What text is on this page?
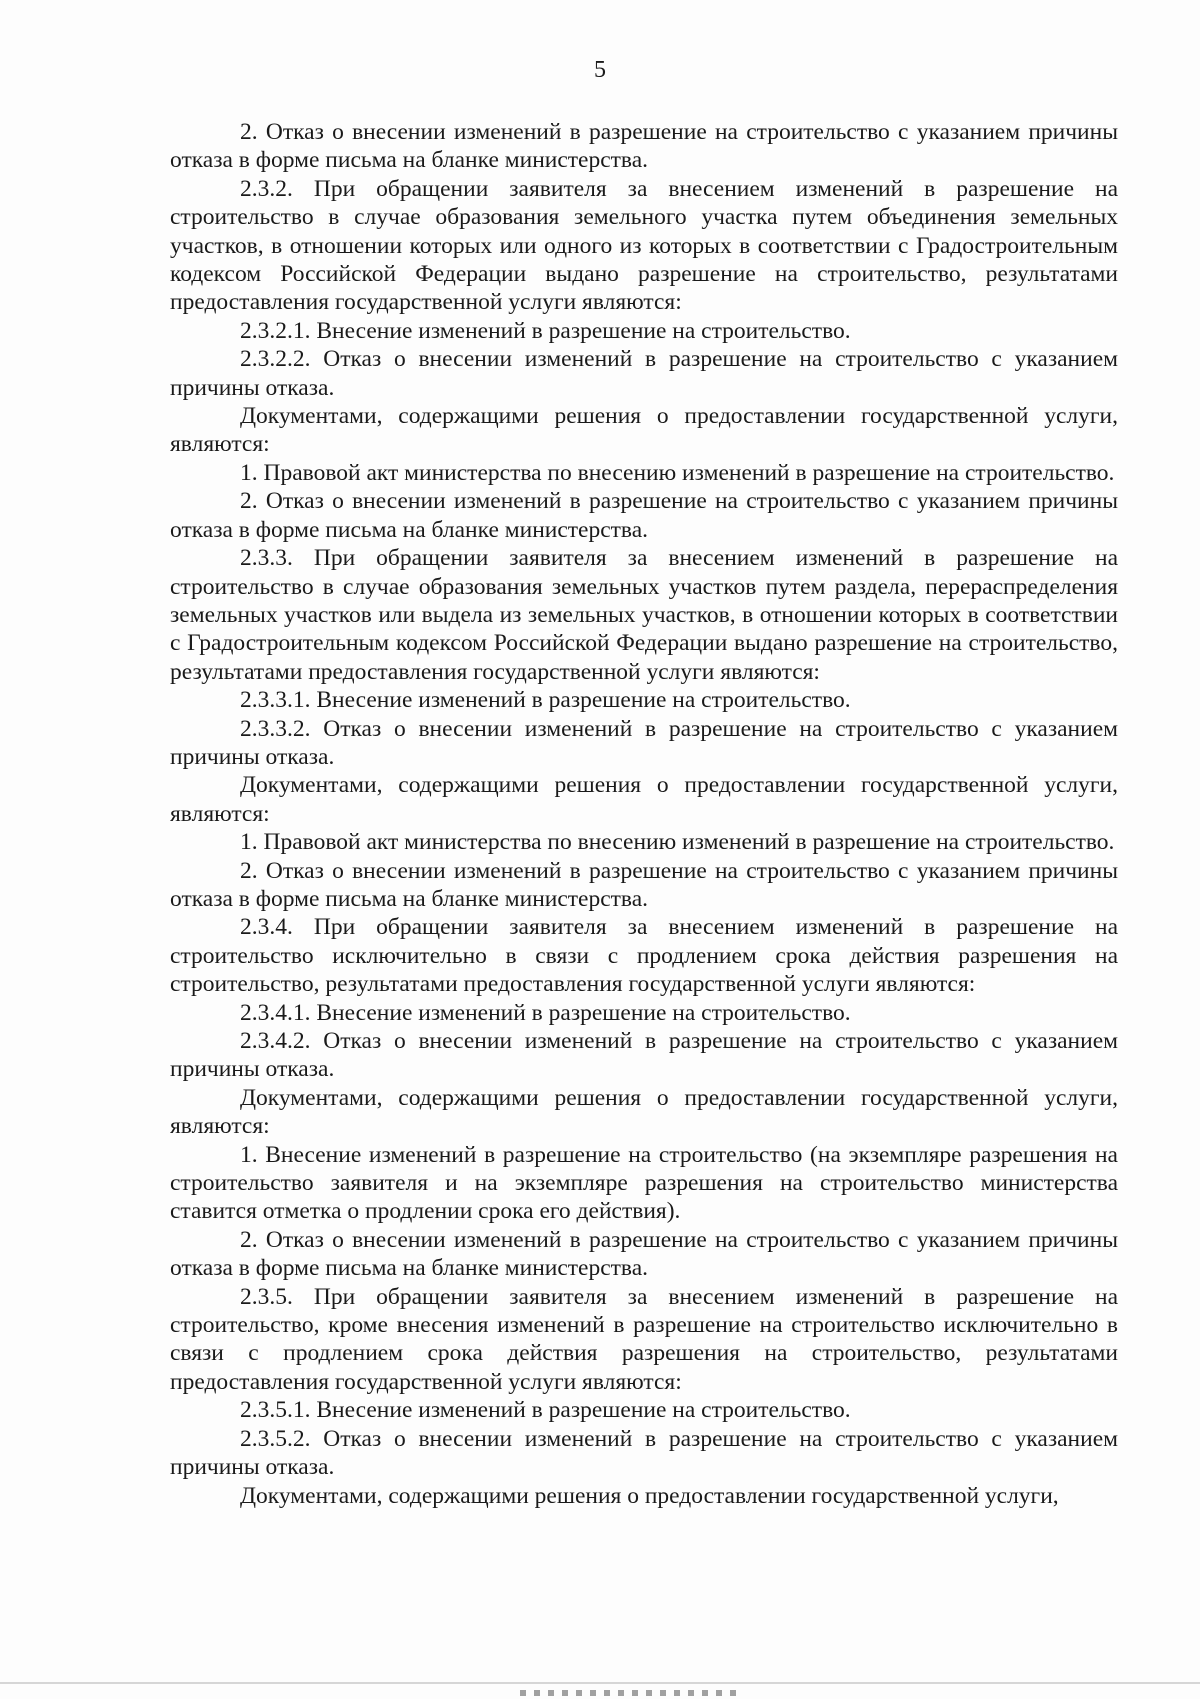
5

2. Отказ о внесении изменений в разрешение на строительство с указанием причины отказа в форме письма на бланке министерства.

2.3.2. При обращении заявителя за внесением изменений в разрешение на строительство в случае образования земельного участка путем объединения земельных участков, в отношении которых или одного из которых в соответствии с Градостроительным кодексом Российской Федерации выдано разрешение на строительство, результатами предоставления государственной услуги являются:

2.3.2.1. Внесение изменений в разрешение на строительство.

2.3.2.2. Отказ о внесении изменений в разрешение на строительство с указанием причины отказа.

Документами, содержащими решения о предоставлении государственной услуги, являются:

1. Правовой акт министерства по внесению изменений в разрешение на строительство.

2. Отказ о внесении изменений в разрешение на строительство с указанием причины отказа в форме письма на бланке министерства.

2.3.3. При обращении заявителя за внесением изменений в разрешение на строительство в случае образования земельных участков путем раздела, перераспределения земельных участков или выдела из земельных участков, в отношении которых в соответствии с Градостроительным кодексом Российской Федерации выдано разрешение на строительство, результатами предоставления государственной услуги являются:

2.3.3.1. Внесение изменений в разрешение на строительство.

2.3.3.2. Отказ о внесении изменений в разрешение на строительство с указанием причины отказа.

Документами, содержащими решения о предоставлении государственной услуги, являются:

1. Правовой акт министерства по внесению изменений в разрешение на строительство.

2. Отказ о внесении изменений в разрешение на строительство с указанием причины отказа в форме письма на бланке министерства.

2.3.4. При обращении заявителя за внесением изменений в разрешение на строительство исключительно в связи с продлением срока действия разрешения на строительство, результатами предоставления государственной услуги являются:

2.3.4.1. Внесение изменений в разрешение на строительство.

2.3.4.2. Отказ о внесении изменений в разрешение на строительство с указанием причины отказа.

Документами, содержащими решения о предоставлении государственной услуги, являются:

1. Внесение изменений в разрешение на строительство (на экземпляре разрешения на строительство заявителя и на экземпляре разрешения на строительство министерства ставится отметка о продлении срока его действия).

2. Отказ о внесении изменений в разрешение на строительство с указанием причины отказа в форме письма на бланке министерства.

2.3.5. При обращении заявителя за внесением изменений в разрешение на строительство, кроме внесения изменений в разрешение на строительство исключительно в связи с продлением срока действия разрешения на строительство, результатами предоставления государственной услуги являются:

2.3.5.1. Внесение изменений в разрешение на строительство.

2.3.5.2. Отказ о внесении изменений в разрешение на строительство с указанием причины отказа.

Документами, содержащими решения о предоставлении государственной услуги,
